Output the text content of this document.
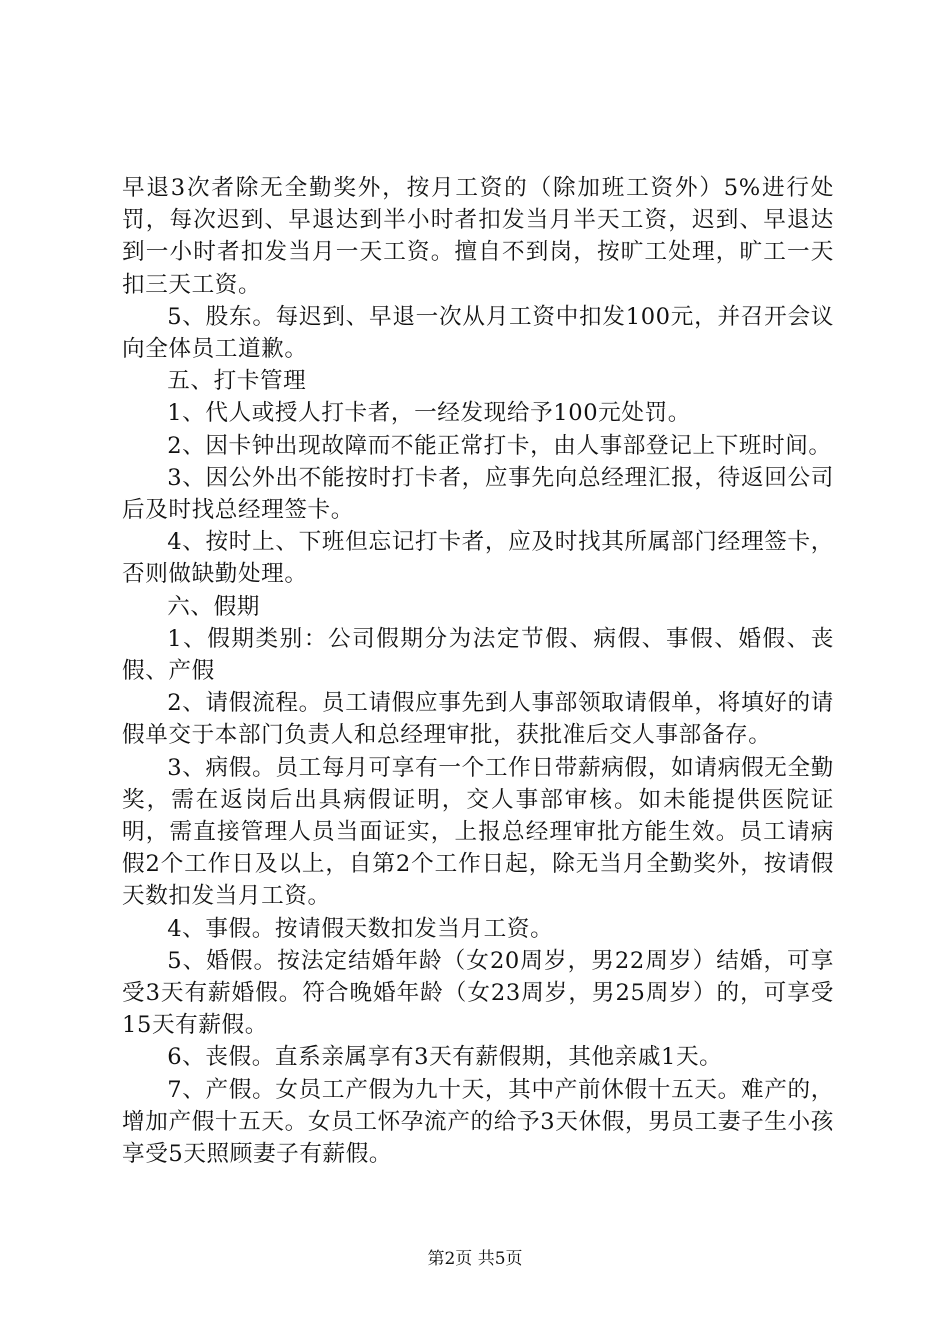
早退3次者除无全勤奖外，按月工资的（除加班工资外）5%进行处罚，每次迟到、早退达到半小时者扣发当月半天工资，迟到、早退达到一小时者扣发当月一天工资。擅自不到岗，按旷工处理，旷工一天扣三天工资。

5、股东。每迟到、早退一次从月工资中扣发100元，并召开会议向全体员工道歉。

五、打卡管理

1、代人或授人打卡者，一经发现给予100元处罚。

2、因卡钟出现故障而不能正常打卡，由人事部登记上下班时间。

3、因公外出不能按时打卡者，应事先向总经理汇报，待返回公司后及时找总经理签卡。

4、按时上、下班但忘记打卡者，应及时找其所属部门经理签卡，否则做缺勤处理。

六、假期

1、假期类别：公司假期分为法定节假、病假、事假、婚假、丧假、产假

2、请假流程。员工请假应事先到人事部领取请假单，将填好的请假单交于本部门负责人和总经理审批，获批准后交人事部备存。

3、病假。员工每月可享有一个工作日带薪病假，如请病假无全勤奖，需在返岗后出具病假证明，交人事部审核。如未能提供医院证明，需直接管理人员当面证实，上报总经理审批方能生效。员工请病假2个工作日及以上，自第2个工作日起，除无当月全勤奖外，按请假天数扣发当月工资。

4、事假。按请假天数扣发当月工资。

5、婚假。按法定结婚年龄（女20周岁，男22周岁）结婚，可享受3天有薪婚假。符合晚婚年龄（女23周岁，男25周岁）的，可享受15天有薪假。

6、丧假。直系亲属享有3天有薪假期，其他亲戚1天。

7、产假。女员工产假为九十天，其中产前休假十五天。难产的，增加产假十五天。女员工怀孕流产的给予3天休假，男员工妻子生小孩享受5天照顾妻子有薪假。

第2页 共5页
